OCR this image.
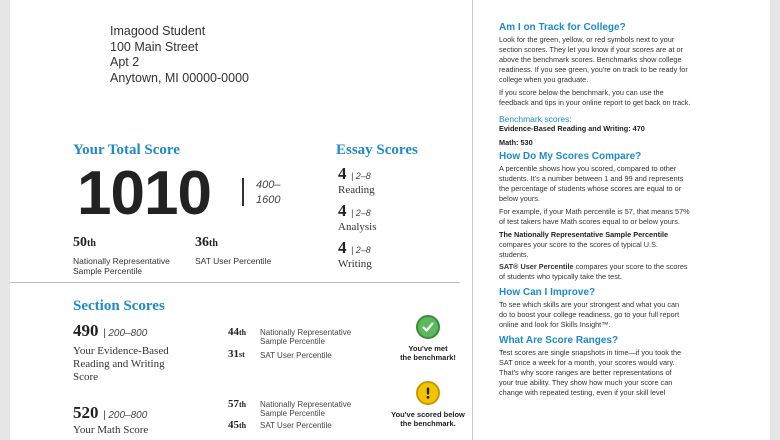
Imagood Student
100 Main Street
Apt 2
Anytown, MI 00000-0000
Your Total Score
1010	400–
1600
50th
Nationally Representative
Sample Percentile
36th
SAT User Percentile
Essay Scores
4 | 2–8
Reading
4 | 2–8
Analysis
4 | 2–8
Writing
Section Scores
490 | 200–800
Your Evidence-Based
Reading and Writing
Score
44th Nationally Representative
Sample Percentile
31st SAT User Percentile
You've met
the benchmark!
520 | 200–800
Your Math Score
57th Nationally Representative
Sample Percentile
45th SAT User Percentile
You've scored below
the benchmark.
Am I on Track for College?
Look for the green, yellow, or red symbols next to your
section scores. They let you know if your scores are at or
above the benchmark scores. Benchmarks show college
readiness. If you see green, you're on track to be ready for
college when you graduate.
If you score below the benchmark, you can use the
feedback and tips in your online report to get back on track.
Benchmark scores:
Evidence-Based Reading and Writing: 470
Math: 530
How Do My Scores Compare?
A percentile shows how you scored, compared to other
students. It's a number between 1 and 99 and represents
the percentage of students whose scores are equal to or
below yours.
For example, if your Math percentile is 57, that means 57%
of test takers have Math scores equal to or below yours.
The Nationally Representative Sample Percentile
compares your score to the scores of typical U.S.
students.
SAT® User Percentile compares your score to the scores
of students who typically take the test.
How Can I Improve?
To see which skills are your strongest and what you can
do to boost your college readiness, go to your full report
online and look for Skills Insight™.
What Are Score Ranges?
Test scores are single snapshots in time—if you took the
SAT once a week for a month, your scores would vary.
That's why score ranges are better representations of
your true ability. They show how much your score can
change with repeated testing, even if your skill level
